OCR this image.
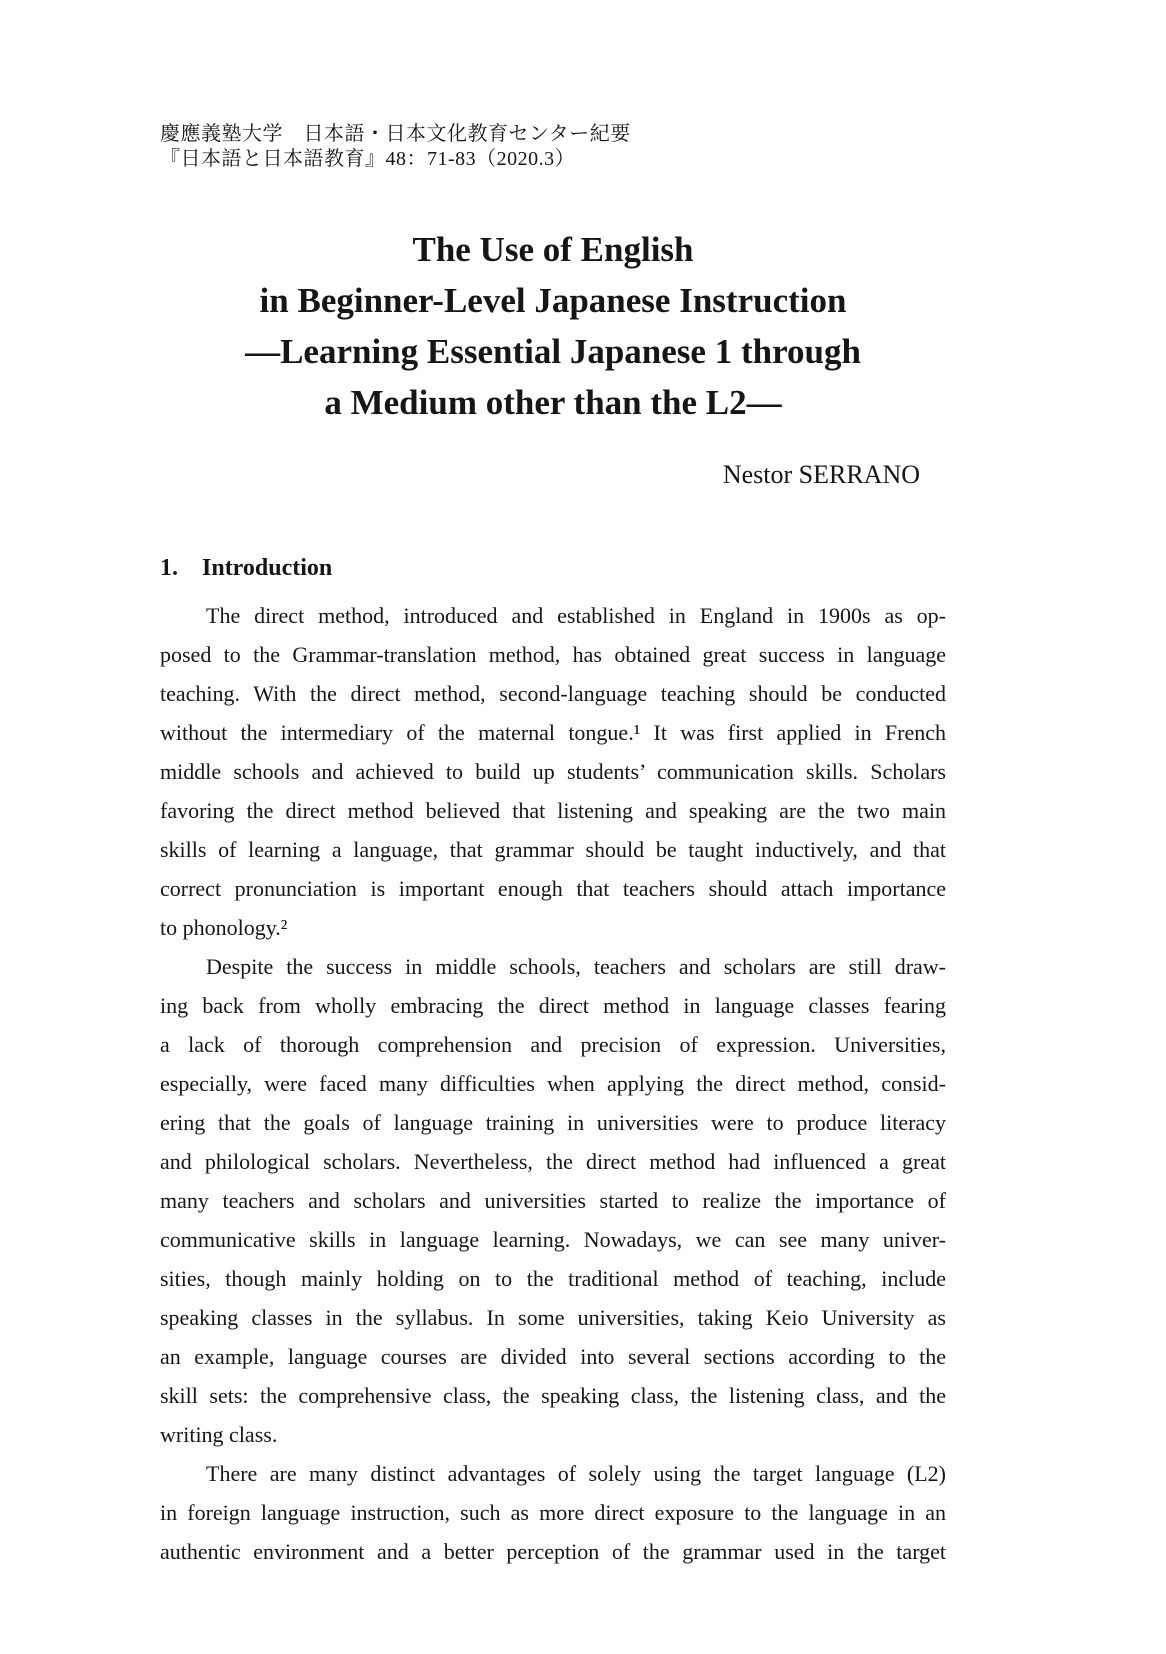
慶應義塾大学　日本語・日本文化教育センター紀要
『日本語と日本語教育』48：71-83（2020.3）
The Use of English
in Beginner-Level Japanese Instruction
—Learning Essential Japanese 1 through
a Medium other than the L2—
Nestor SERRANO
1. Introduction
The direct method, introduced and established in England in 1900s as op-
posed to the Grammar-translation method, has obtained great success in language
teaching. With the direct method, second-language teaching should be conducted
without the intermediary of the maternal tongue.¹ It was first applied in French
middle schools and achieved to build up students’ communication skills. Scholars
favoring the direct method believed that listening and speaking are the two main
skills of learning a language, that grammar should be taught inductively, and that
correct pronunciation is important enough that teachers should attach importance
to phonology.²
Despite the success in middle schools, teachers and scholars are still draw-
ing back from wholly embracing the direct method in language classes fearing
a lack of thorough comprehension and precision of expression. Universities,
especially, were faced many difficulties when applying the direct method, consid-
ering that the goals of language training in universities were to produce literacy
and philological scholars. Nevertheless, the direct method had influenced a great
many teachers and scholars and universities started to realize the importance of
communicative skills in language learning. Nowadays, we can see many univer-
sities, though mainly holding on to the traditional method of teaching, include
speaking classes in the syllabus. In some universities, taking Keio University as
an example, language courses are divided into several sections according to the
skill sets: the comprehensive class, the speaking class, the listening class, and the
writing class.
There are many distinct advantages of solely using the target language (L2)
in foreign language instruction, such as more direct exposure to the language in an
authentic environment and a better perception of the grammar used in the target
